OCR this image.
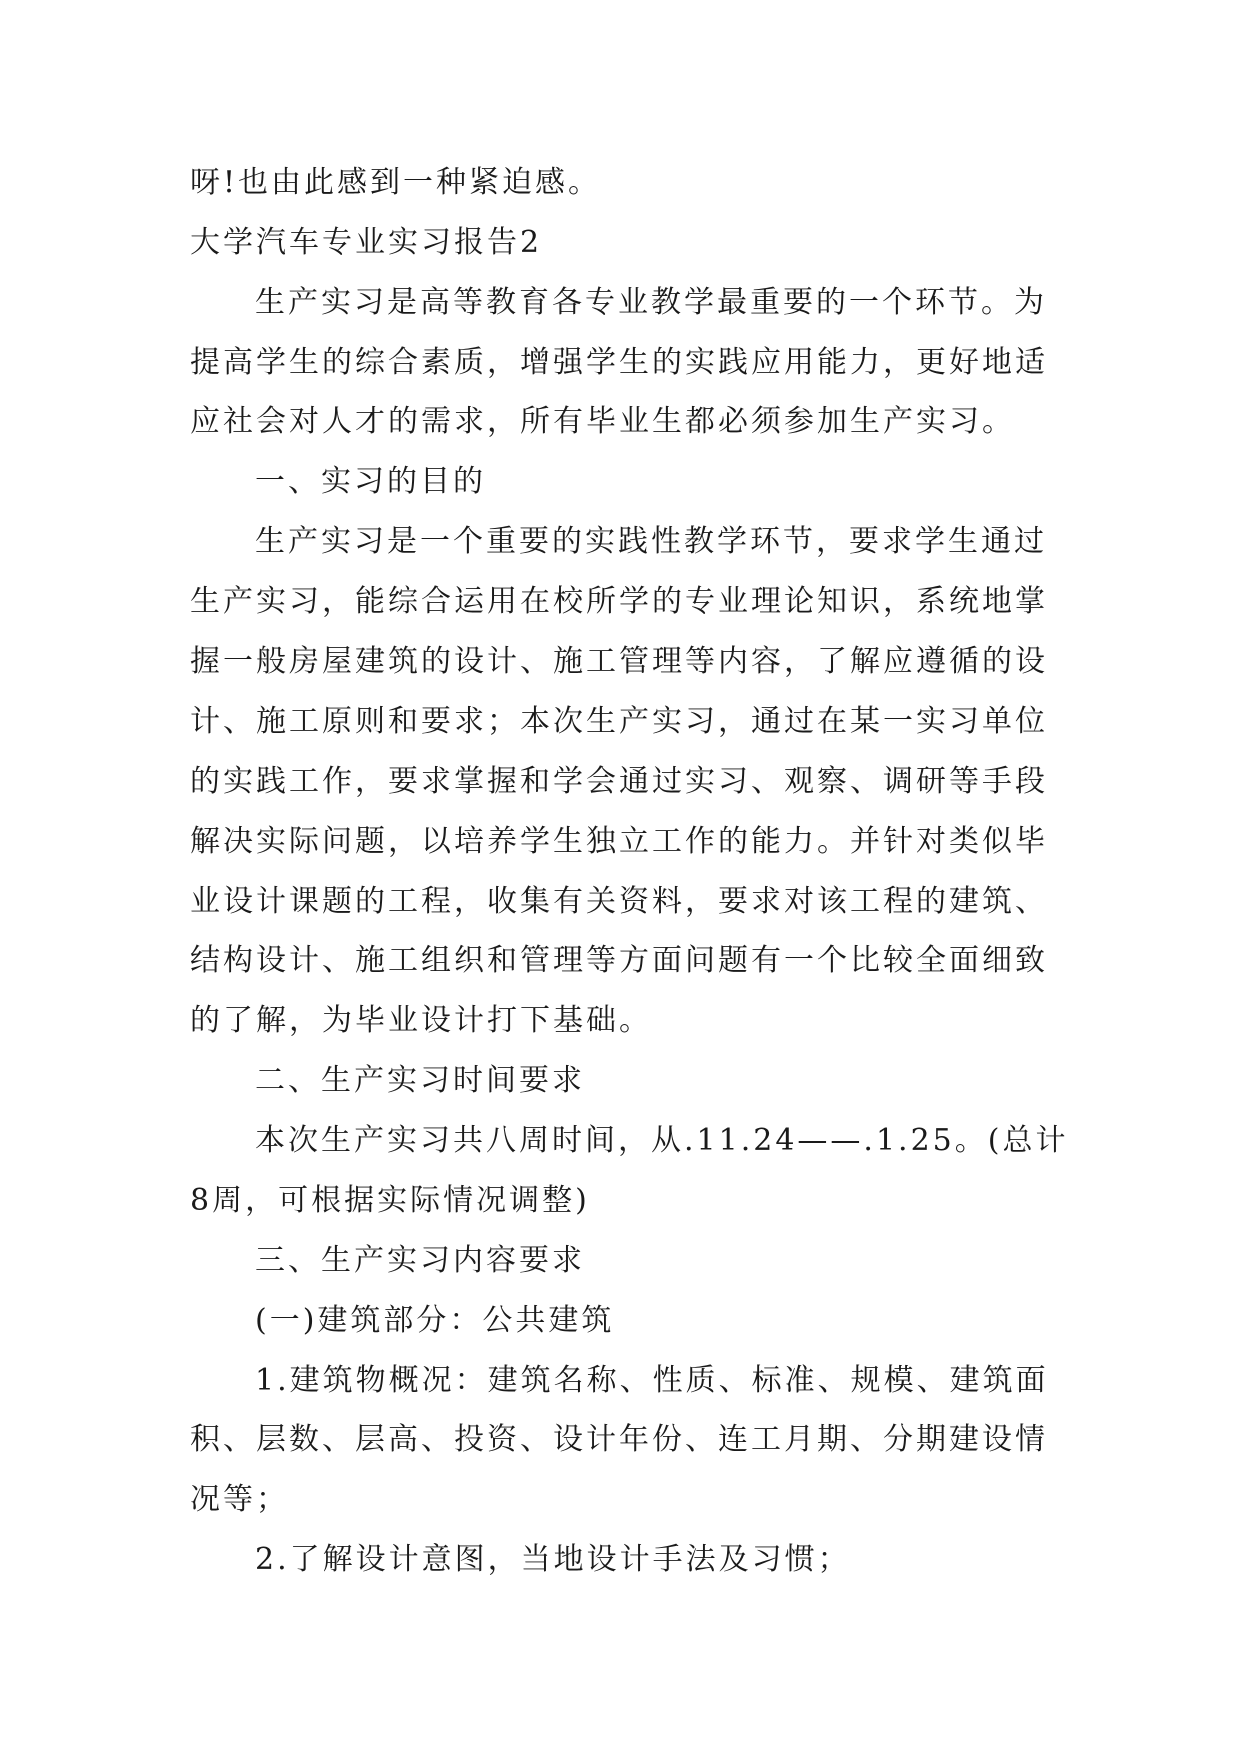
呀!也由此感到一种紧迫感。
大学汽车专业实习报告2
生产实习是高等教育各专业教学最重要的一个环节。为
提高学生的综合素质，增强学生的实践应用能力，更好地适
应社会对人才的需求，所有毕业生都必须参加生产实习。
一、实习的目的
生产实习是一个重要的实践性教学环节，要求学生通过
生产实习，能综合运用在校所学的专业理论知识，系统地掌
握一般房屋建筑的设计、施工管理等内容，了解应遵循的设
计、施工原则和要求；本次生产实习，通过在某一实习单位
的实践工作，要求掌握和学会通过实习、观察、调研等手段
解决实际问题，以培养学生独立工作的能力。并针对类似毕
业设计课题的工程，收集有关资料，要求对该工程的建筑、
结构设计、施工组织和管理等方面问题有一个比较全面细致
的了解，为毕业设计打下基础。
二、生产实习时间要求
本次生产实习共八周时间，从.11.24——.1.25。(总计
8周，可根据实际情况调整)
三、生产实习内容要求
(一)建筑部分：公共建筑
1.建筑物概况：建筑名称、性质、标准、规模、建筑面
积、层数、层高、投资、设计年份、连工月期、分期建设情
况等；
2.了解设计意图，当地设计手法及习惯；
